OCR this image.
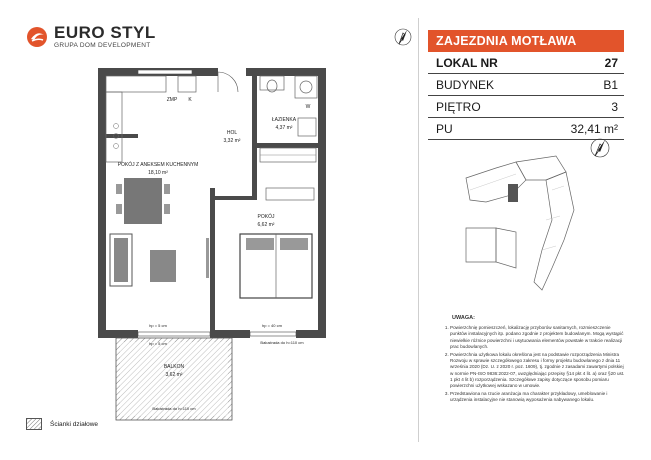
EURO STYL
GRUPA DOM DEVELOPMENT
POKÓJ Z ANEKSEM KUCHENNYM
18,10 m²
HOL
3,32 m²
ŁAZIENKA
4,37 m²
POKÓJ
6,62 m²
BALKON
3,62 m²
ZMP K
W
hp = 5 cm	hp = 40 cm
hp = 5 cm	Balustrada do h=110 cm
Balustrada do h=110 cm
ZAJEZDNIA MOTŁAWA
LOKAL NR	27
BUDYNEK	B1
PIĘTRO	3
PU	32,41 m²
UWAGA:
1. Powierzchnię pomieszczeń, lokalizację przyborów sanitarnych, rozmieszczenie punktów instalacyjnych itp. podano zgodnie z projektem budowlanym. Mogą wystąpić niewielkie różnice powierzchni i usytuowania elementów powstałe w trakcie realizacji prac budowlanych.
2. Powierzchnia użytkowa lokalu określona jest na podstawie rozporządzenia Ministra Rozwoju w sprawie szczegółowego zakresu i formy projektu budowlanego z dnia 11 września 2020 (Dz. U. z 2020 r. poz. 1609), tj. zgodnie z zasadami zawartymi polskiej w normie PN-ISO 9836:2022-07, uwzględniając przepisy §14 pkt 4 lit. a) oraz §20 ust. 1 pkt 4 lit b) rozporządzenia. Szczegółowe zapisy dotyczące sposobu pomiaru powierzchni użytkowej wskazano w umowie.
3. Przedstawiona na rzucie aranżacja ma charakter przykładowy, umeblowanie i urządzenia instalacyjne nie stanowią wyposażenia nabywanego lokalu.
Ścianki działowe
